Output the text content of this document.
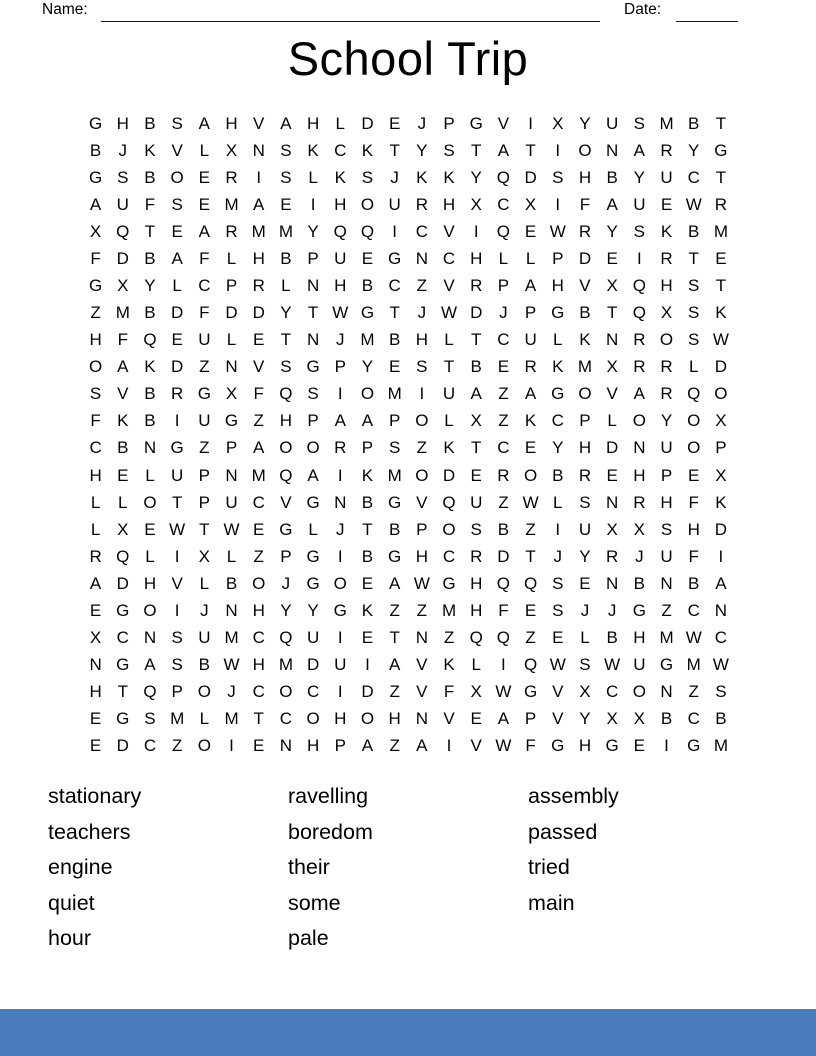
Name:	Date:
School Trip
G H B S A H V A H L D E	J	P G V	I	X Y U S M B T
B	J	K V L X N S K C K T Y S T A T	I	O N A R Y G
G S B O E R	I	S L K S	J	K K Y Q D S H B Y U C T
A U F S E M A E	I	H O U R H X C X	I	F A U E W R
X Q T E A R M M Y Q Q	I	C V	I	Q E W R Y S K B M
F D B A F	L H B P U E G N C H L	L P D E	I	R T E
G X Y L C P R L N H B C Z V R P A H V X Q H S T
Z M B D F D D Y T W G T	J W D J	P G B T Q X S K
H F Q E U L E T N J M B H L	T C U L K N R O S W
O A K D Z N V S G P Y E S T B E R K M X R R L D
S V B R G X F Q S	I	O M	I	U A Z A G O V A R Q O
F K B	I	U G Z H P A A P O L X Z K C P L O Y O X
C B N G Z P A O O R P S Z K T C E Y H D N U O P
H E L U P N M Q A	I	K M O D E R O B R E H P E X
L	L O T P U C V G N B G V Q U Z W L S N R H F K
L X E W T W E G L	J	T B P O S B Z	I	U X X S H D
R Q L	I	X L	Z P G	I	B G H C R D T	J	Y R J U F	I
A D H V L B O J G O E A W G H Q Q S E N B N B A
E G O	I	J N H Y Y G K Z Z M H F E S	J	J G Z C N
X C N S U M C Q U	I	E T N Z Q Q Z E L B H M W C
N G A S B W H M D U	I	A V K L	I	Q W S W U G M W
H T Q P O J C O C	I	D Z V F X W G V X C O N Z S
E G S M L M T C O H O H N V E A P V Y X X B C B
E D C Z O	I	E N H P A Z A	I	V W F G H G E	I	G M
stationary
teachers
engine
quiet
hour
ravelling
boredom
their
some
pale
assembly
passed
tried
main
